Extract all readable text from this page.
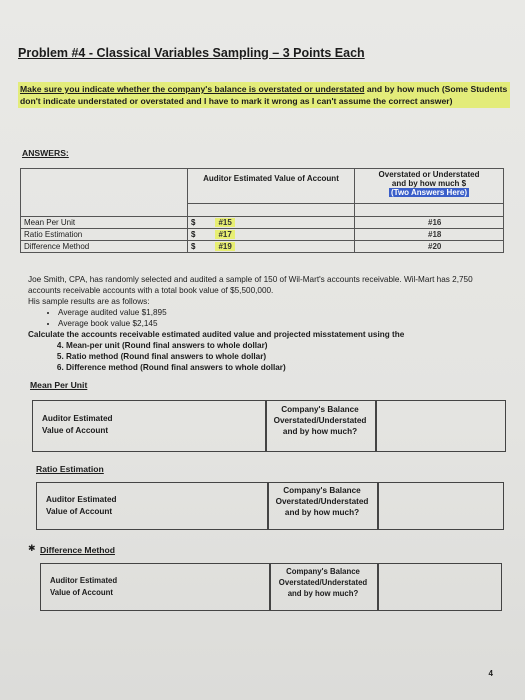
Problem #4 - Classical Variables Sampling – 3 Points Each
Make sure you indicate whether the company's balance is overstated or understated and by how much (Some Students don't indicate understated or overstated and I have to mark it wrong as I can't assume the correct answer)
ANSWERS:

	Auditor Estimated Value of Account	Overstated or Understated
and by how much $
(Two Answers Here)

Mean Per Unit	$ #15	#16
Ratio Estimation	$ #17	#18
Difference Method	$ #19	#20
Joe Smith, CPA, has randomly selected and audited a sample of 150 of Wil-Mart's accounts receivable. Wil-Mart has 2,750 accounts receivable accounts with a total book value of $5,500,000.
His sample results are as follows:
• Average audited value $1,895
• Average book value $2,145
Calculate the accounts receivable estimated audited value and projected misstatement using the
4. Mean-per unit (Round final answers to whole dollar)
5. Ratio method (Round final answers to whole dollar)
6. Difference method (Round final answers to whole dollar)
Mean Per Unit
Auditor Estimated
Value of Account
Company's Balance
Overstated/Understated
and by how much?
Ratio Estimation
Auditor Estimated
Value of Account
Company's Balance
Overstated/Understated
and by how much?
✱ Difference Method
Auditor Estimated
Value of Account
Company's Balance
Overstated/Understated
and by how much?
4
